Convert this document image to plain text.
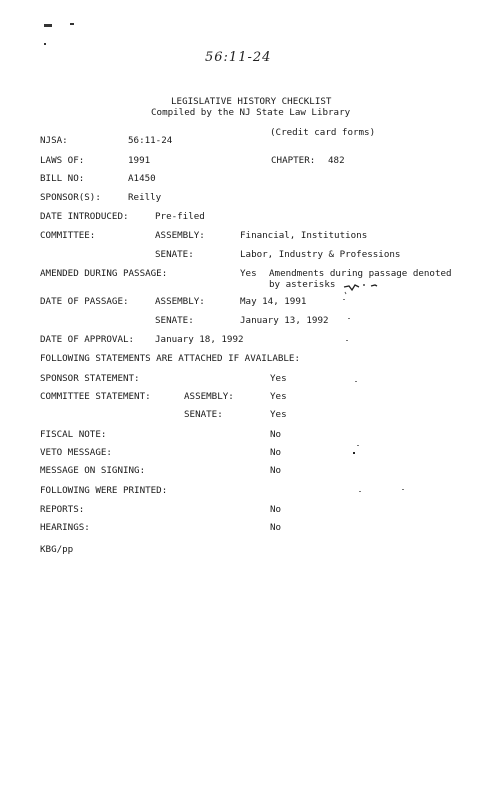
56:11-24
LEGISLATIVE HISTORY CHECKLIST
Compiled by the NJ State Law Library
(Credit card forms)
NJSA:	56:11-24
LAWS OF:	1991	CHAPTER: 482
BILL NO:	A1450
SPONSOR(S):	Reilly
DATE INTRODUCED:	Pre-filed
COMMITTEE:	ASSEMBLY:	Financial, Institutions
SENATE:	Labor, Industry & Professions
AMENDED DURING PASSAGE:	Yes Amendments during passage denoted
by asterisks
DATE OF PASSAGE:	ASSEMBLY:	May 14, 1991
SENATE:	January 13, 1992
DATE OF APPROVAL: January 18, 1992
FOLLOWING STATEMENTS ARE ATTACHED IF AVAILABLE:
SPONSOR STATEMENT:	Yes
COMMITTEE STATEMENT:	ASSEMBLY:	Yes
SENATE:	Yes
FISCAL NOTE:	No
VETO MESSAGE:	No
MESSAGE ON SIGNING:	No
FOLLOWING WERE PRINTED:
REPORTS:	No
HEARINGS:	No
KBG/pp
